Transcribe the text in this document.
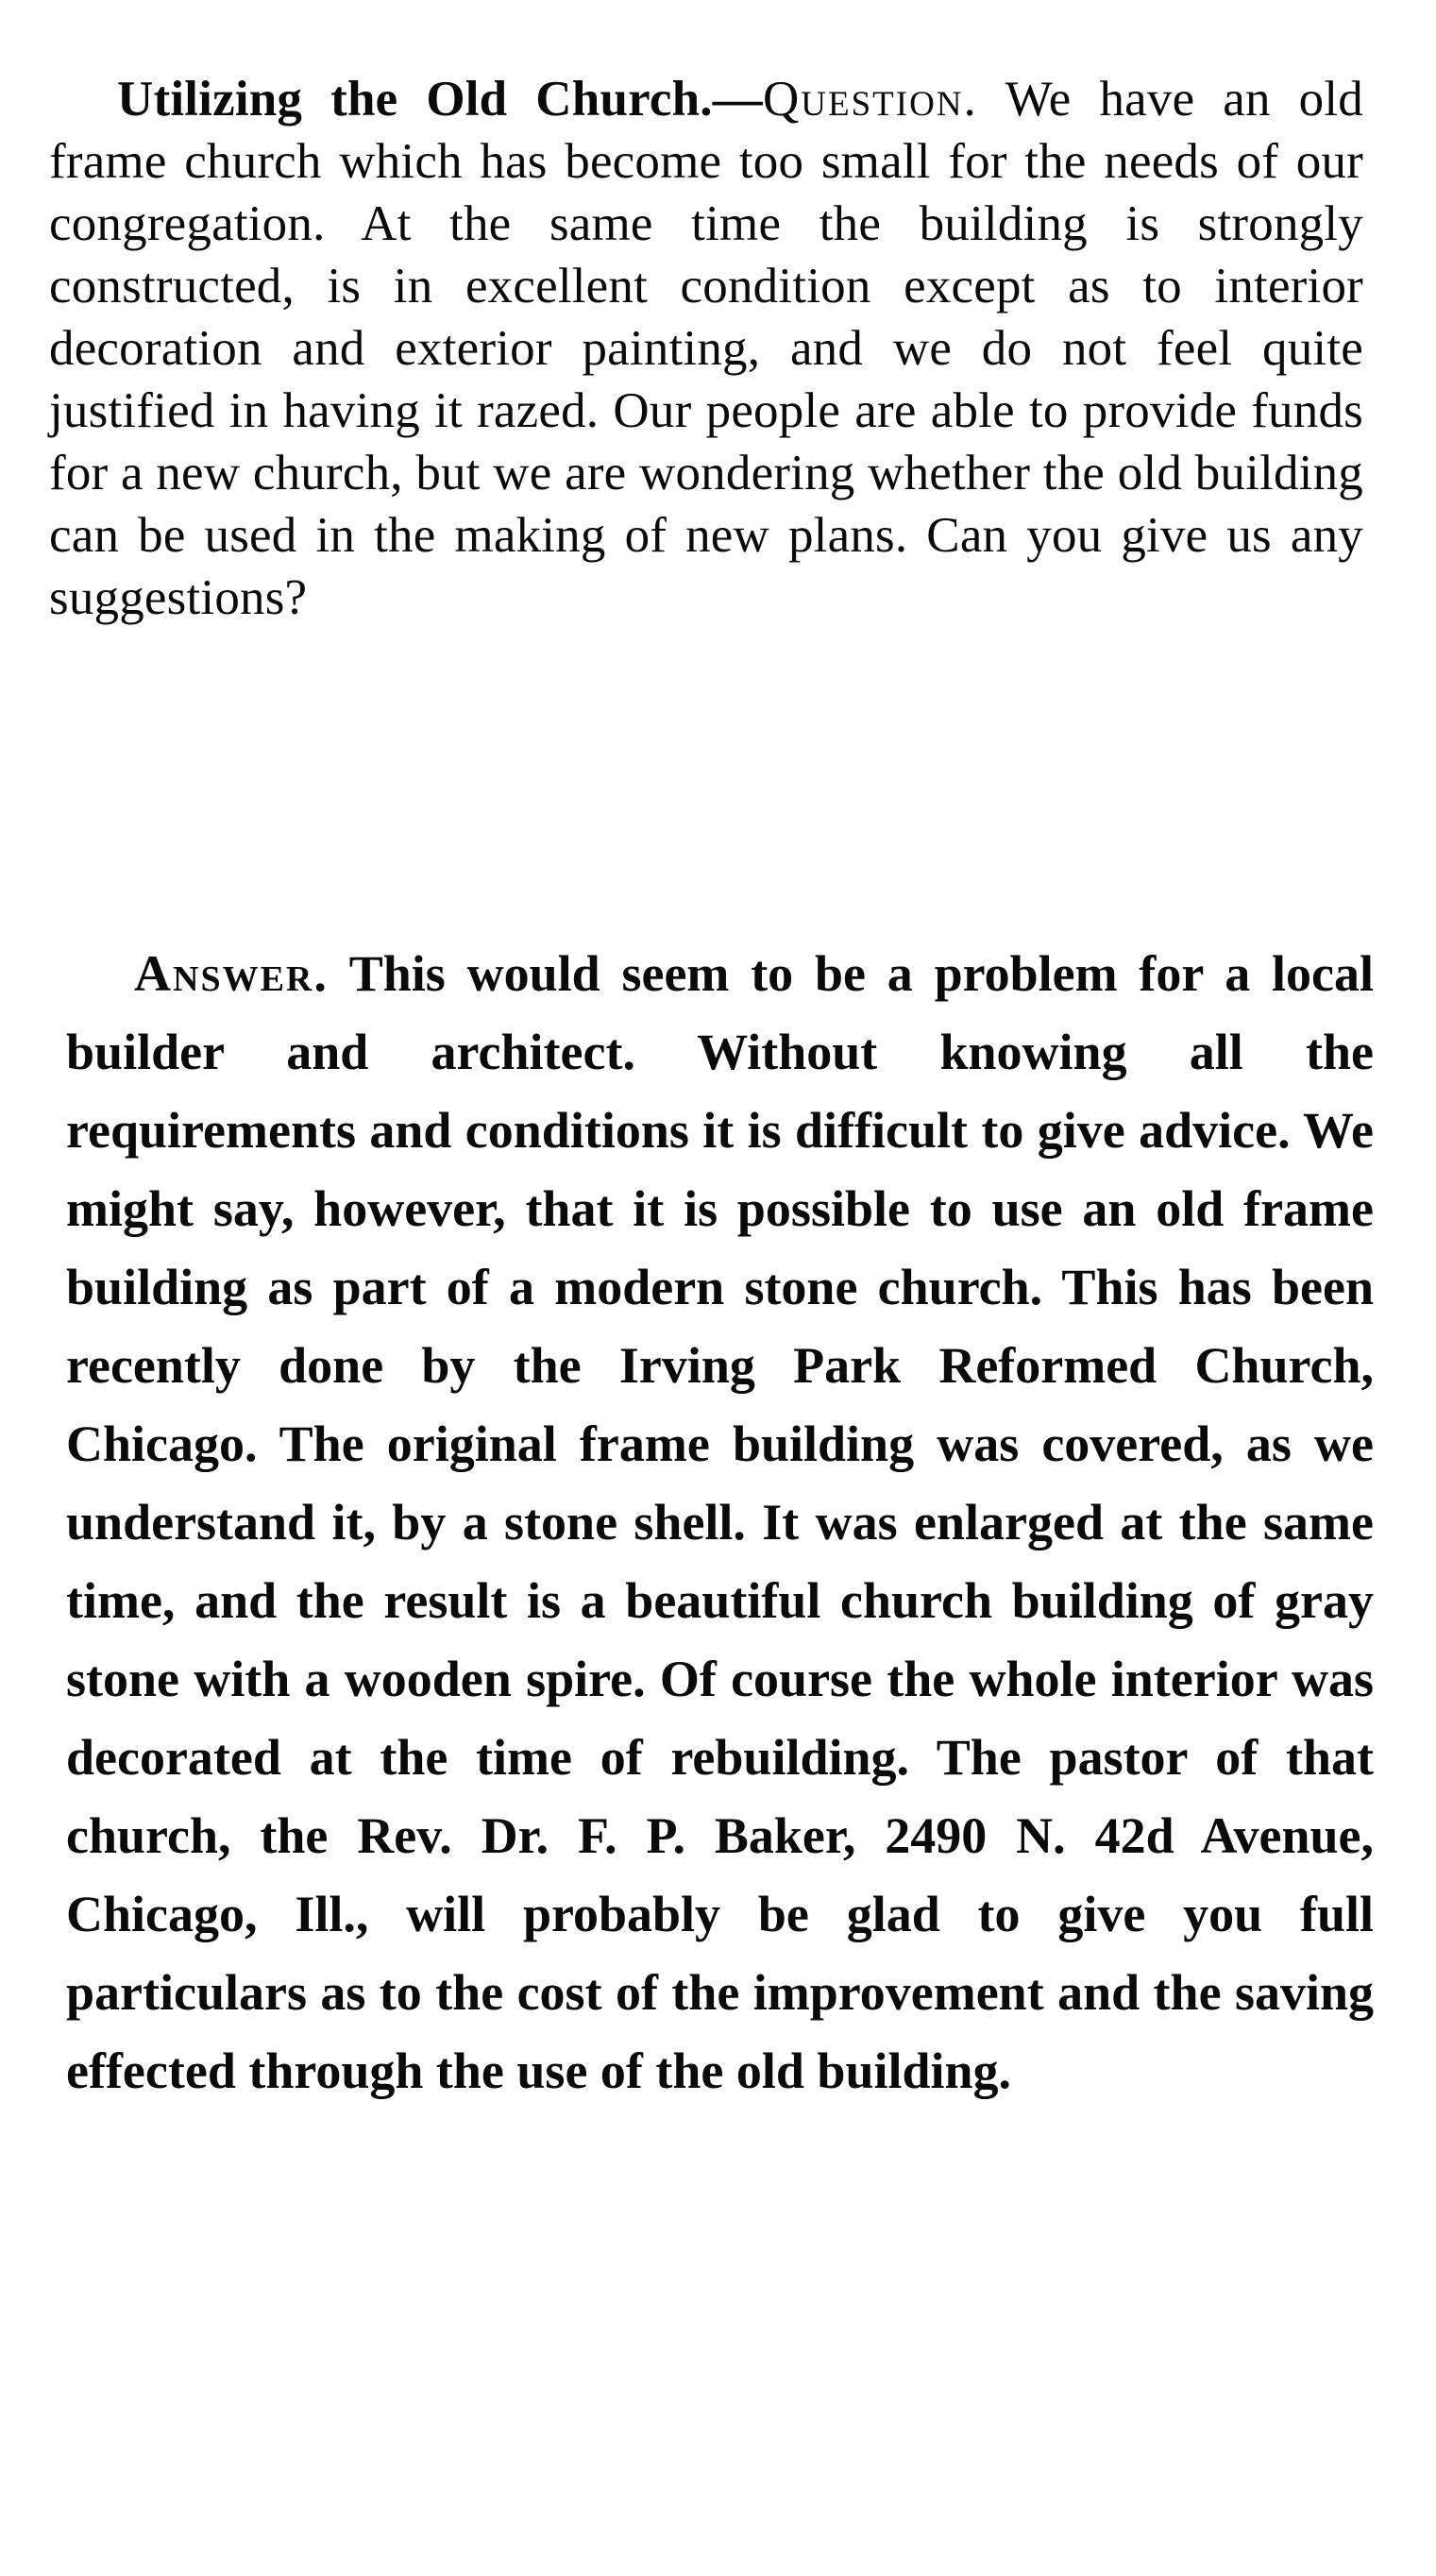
Utilizing the Old Church.—Question. We have an old frame church which has become too small for the needs of our congregation. At the same time the building is strongly constructed, is in excellent condition except as to interior decoration and exterior painting, and we do not feel quite justified in having it razed. Our people are able to provide funds for a new church, but we are wondering whether the old building can be used in the making of new plans. Can you give us any suggestions?

Answer. This would seem to be a problem for a local builder and architect. Without knowing all the requirements and conditions it is difficult to give advice. We might say, however, that it is possible to use an old frame building as part of a modern stone church. This has been recently done by the Irving Park Reformed Church, Chicago. The original frame building was covered, as we understand it, by a stone shell. It was enlarged at the same time, and the result is a beautiful church building of gray stone with a wooden spire. Of course the whole interior was decorated at the time of rebuilding. The pastor of that church, the Rev. Dr. F. P. Baker, 2490 N. 42d Avenue, Chicago, Ill., will probably be glad to give you full particulars as to the cost of the improvement and the saving effected through the use of the old building.
